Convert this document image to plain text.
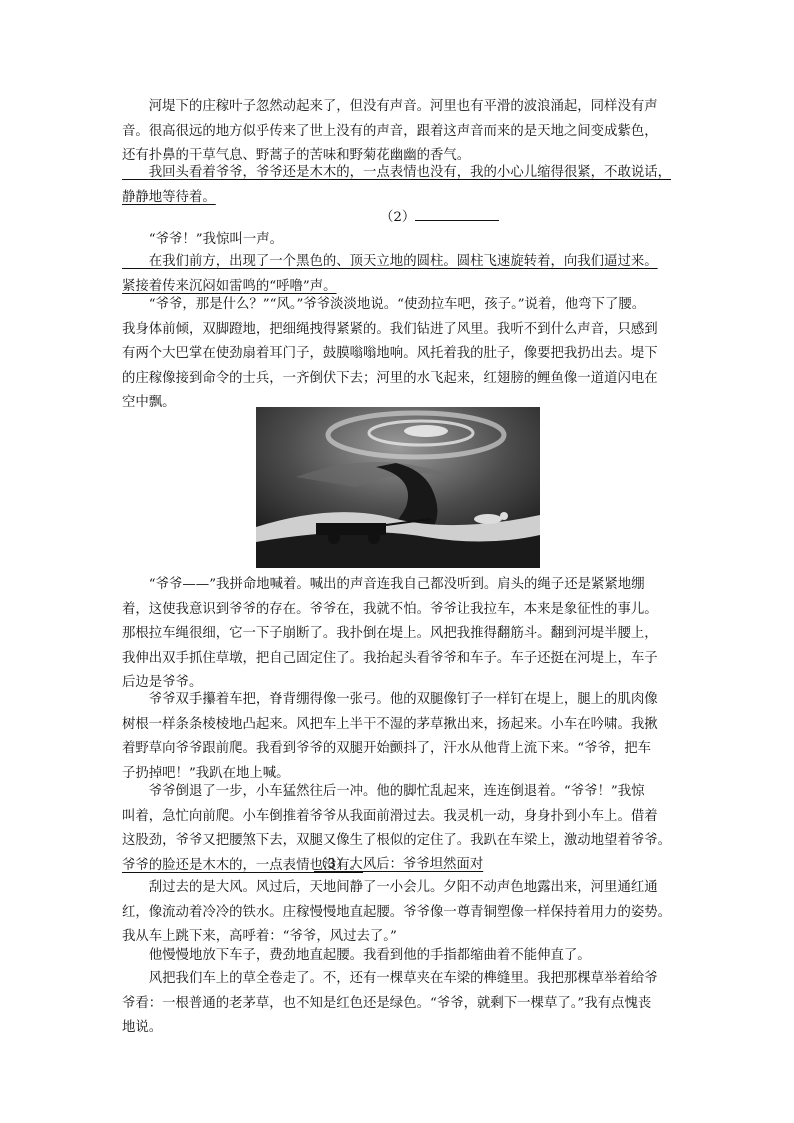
　　河堤下的庄稼叶子忽然动起来了，但没有声音。河里也有平滑的波浪涌起，同样没有声
音。很高很远的地方似乎传来了世上没有的声音，跟着这声音而来的是天地之间变成紫色，
还有扑鼻的干草气息、野蒿子的苦味和野菊花幽幽的香气。
　　我回头看着爷爷，爷爷还是木木的，一点表情也没有，我的小心儿缩得很紧，不敢说话，
静静地等待着。
（2）
　　“爷爷！”我惊叫一声。
　　在我们前方，出现了一个黑色的、顶天立地的圆柱。圆柱飞速旋转着，向我们逼过来。
紧接着传来沉闷如雷鸣的“呼噜”声。
　　“爷爷，那是什么？”“风。”爷爷淡淡地说。“使劲拉车吧，孩子。”说着，他弯下了腰。
我身体前倾，双脚蹬地，把细绳拽得紧紧的。我们钻进了风里。我听不到什么声音，只感到
有两个大巴掌在使劲扇着耳门子，鼓膜嗡嗡地响。风托着我的肚子，像要把我扔出去。堤下
的庄稼像接到命令的士兵，一齐倒伏下去；河里的水飞起来，红翅膀的鲤鱼像一道道闪电在
空中飘。
　　“爷爷——”我拼命地喊着。喊出的声音连我自己都没听到。肩头的绳子还是紧紧地绷
着，这使我意识到爷爷的存在。爷爷在，我就不怕。爷爷让我拉车，本来是象征性的事儿。
那根拉车绳很细，它一下子崩断了。我扑倒在堤上。风把我推得翻筋斗。翻到河堤半腰上，
我伸出双手抓住草墩，把自己固定住了。我抬起头看爷爷和车子。车子还挺在河堤上，车子
后边是爷爷。
　　爷爷双手攥着车把，脊背绷得像一张弓。他的双腿像钉子一样钉在堤上，腿上的肌肉像
树根一样条条棱棱地凸起来。风把车上半干不湿的茅草揪出来，扬起来。小车在吟啸。我揪
着野草向爷爷跟前爬。我看到爷爷的双腿开始颤抖了，汗水从他背上流下来。“爷爷，把车
子扔掉吧！”我趴在地上喊。
　　爷爷倒退了一步，小车猛然往后一冲。他的脚忙乱起来，连连倒退着。“爷爷！”我惊
叫着，急忙向前爬。小车倒推着爷爷从我面前滑过去。我灵机一动，身身扑到小车上。借着
这股劲，爷爷又把腰煞下去，双腿又像生了根似的定住了。我趴在车梁上，激动地望着爷爷。
爷爷的脸还是木木的，一点表情也没有。
（3）大风后：爷爷坦然面对
　　刮过去的是大风。风过后，天地间静了一小会儿。夕阳不动声色地露出来，河里通红通
红，像流动着冷冷的铁水。庄稼慢慢地直起腰。爷爷像一尊青铜塑像一样保持着用力的姿势。
我从车上跳下来，高呼着：“爷爷，风过去了。”
　　他慢慢地放下车子，费劲地直起腰。我看到他的手指都缩曲着不能伸直了。
　　风把我们车上的草全卷走了。不，还有一棵草夹在车梁的榫缝里。我把那棵草举着给爷
爷看：一根普通的老茅草，也不知是红色还是绿色。“爷爷，就剩下一棵草了。”我有点愧丧
地说。
